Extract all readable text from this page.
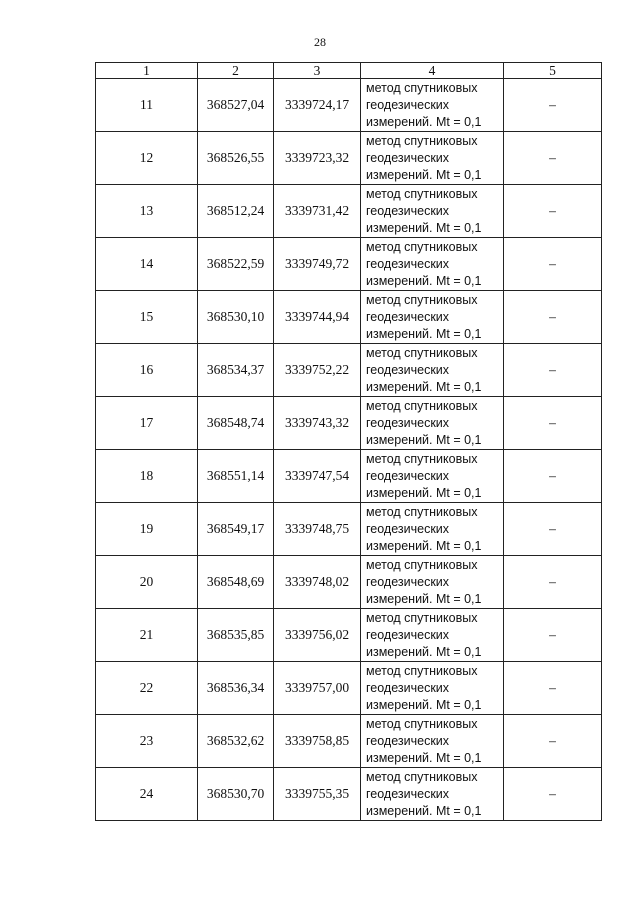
28
1	2	3	4	5
11	368527,04	3339724,17	метод спутниковых
геодезических
измерений. Mt = 0,1	–
12	368526,55	3339723,32	метод спутниковых
геодезических
измерений. Mt = 0,1	–
13	368512,24	3339731,42	метод спутниковых
геодезических
измерений. Mt = 0,1	–
14	368522,59	3339749,72	метод спутниковых
геодезических
измерений. Mt = 0,1	–
15	368530,10	3339744,94	метод спутниковых
геодезических
измерений. Mt = 0,1	–
16	368534,37	3339752,22	метод спутниковых
геодезических
измерений. Mt = 0,1	–
17	368548,74	3339743,32	метод спутниковых
геодезических
измерений. Mt = 0,1	–
18	368551,14	3339747,54	метод спутниковых
геодезических
измерений. Mt = 0,1	–
19	368549,17	3339748,75	метод спутниковых
геодезических
измерений. Mt = 0,1	–
20	368548,69	3339748,02	метод спутниковых
геодезических
измерений. Mt = 0,1	–
21	368535,85	3339756,02	метод спутниковых
геодезических
измерений. Mt = 0,1	–
22	368536,34	3339757,00	метод спутниковых
геодезических
измерений. Mt = 0,1	–
23	368532,62	3339758,85	метод спутниковых
геодезических
измерений. Mt = 0,1	–
24	368530,70	3339755,35	метод спутниковых
геодезических
измерений. Mt = 0,1	–
